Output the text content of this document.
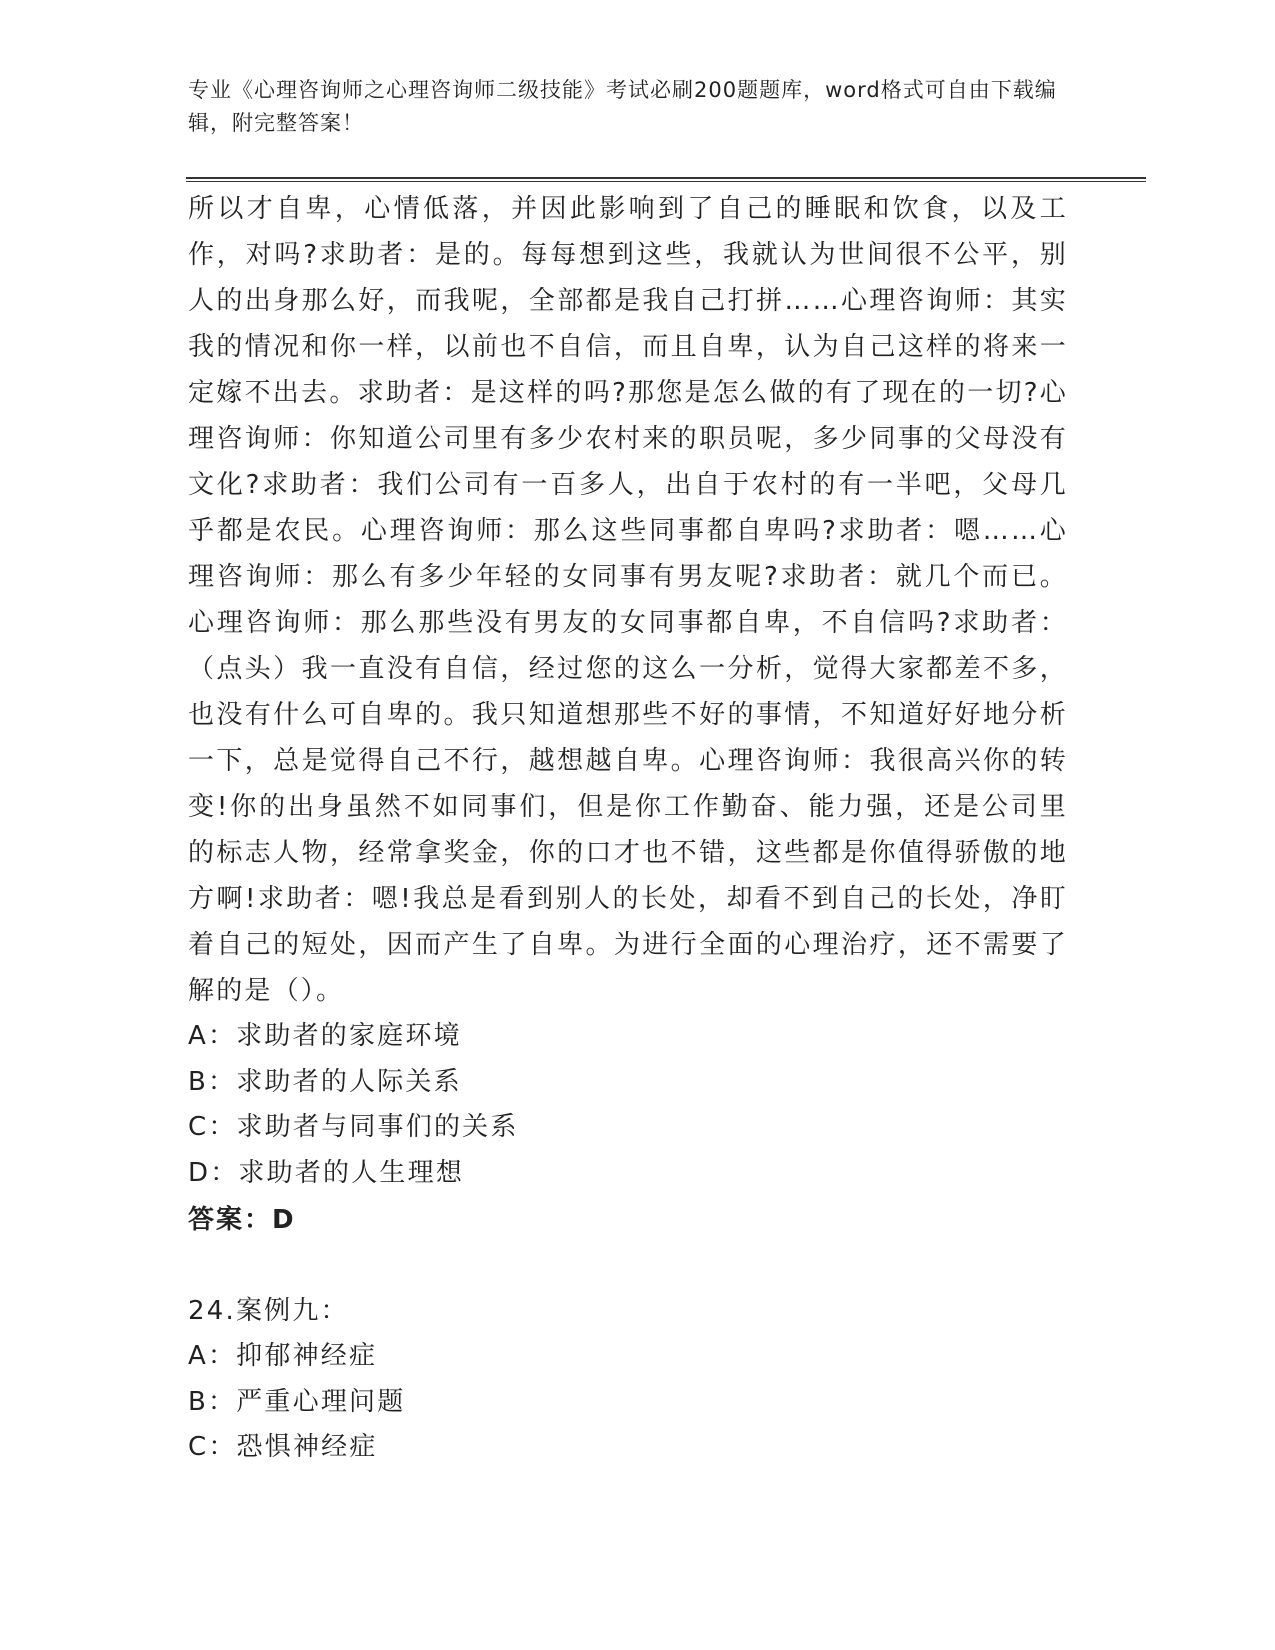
专业《心理咨询师之心理咨询师二级技能》考试必刷200题题库，word格式可自由下载编辑，附完整答案！

所以才自卑，心情低落，并因此影响到了自己的睡眠和饮食，以及工作，对吗?求助者：是的。每每想到这些，我就认为世间很不公平，别人的出身那么好，而我呢，全部都是我自己打拼……心理咨询师：其实我的情况和你一样，以前也不自信，而且自卑，认为自己这样的将来一定嫁不出去。求助者：是这样的吗?那您是怎么做的有了现在的一切?心理咨询师：你知道公司里有多少农村来的职员呢，多少同事的父母没有文化?求助者：我们公司有一百多人，出自于农村的有一半吧，父母几乎都是农民。心理咨询师：那么这些同事都自卑吗?求助者：嗯……心理咨询师：那么有多少年轻的女同事有男友呢?求助者：就几个而已。心理咨询师：那么那些没有男友的女同事都自卑，不自信吗?求助者：（点头）我一直没有自信，经过您的这么一分析，觉得大家都差不多，也没有什么可自卑的。我只知道想那些不好的事情，不知道好好地分析一下，总是觉得自己不行，越想越自卑。心理咨询师：我很高兴你的转变!你的出身虽然不如同事们，但是你工作勤奋、能力强，还是公司里的标志人物，经常拿奖金，你的口才也不错，这些都是你值得骄傲的地方啊!求助者：嗯!我总是看到别人的长处，却看不到自己的长处，净盯着自己的短处，因而产生了自卑。为进行全面的心理治疗，还不需要了解的是（）。

A：求助者的家庭环境

B：求助者的人际关系

C：求助者与同事们的关系

D：求助者的人生理想

答案：D

24.案例九：

A：抑郁神经症

B：严重心理问题

C：恐惧神经症
